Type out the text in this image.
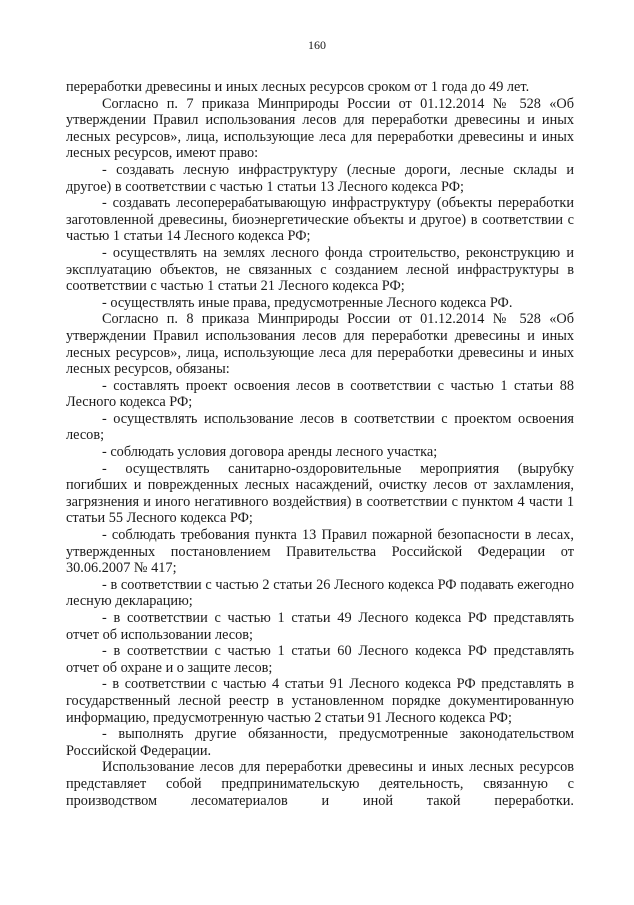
160

переработки древесины и иных лесных ресурсов сроком от 1 года до 49 лет.

Согласно п. 7 приказа Минприроды России от 01.12.2014 № 528 «Об утверждении Правил использования лесов для переработки древесины и иных лесных ресурсов», лица, использующие леса для переработки древесины и иных лесных ресурсов, имеют право:

- создавать лесную инфраструктуру (лесные дороги, лесные склады и другое) в соответствии с частью 1 статьи 13 Лесного кодекса РФ;

- создавать лесоперерабатывающую инфраструктуру (объекты переработки заготовленной древесины, биоэнергетические объекты и другое) в соответствии с частью 1 статьи 14 Лесного кодекса РФ;

- осуществлять на землях лесного фонда строительство, реконструкцию и эксплуатацию объектов, не связанных с созданием лесной инфраструктуры в соответствии с частью 1 статьи 21 Лесного кодекса РФ;

- осуществлять иные права, предусмотренные Лесного кодекса РФ.

Согласно п. 8 приказа Минприроды России от 01.12.2014 № 528 «Об утверждении Правил использования лесов для переработки древесины и иных лесных ресурсов», лица, использующие леса для переработки древесины и иных лесных ресурсов, обязаны:

- составлять проект освоения лесов в соответствии с частью 1 статьи 88 Лесного кодекса РФ;

- осуществлять использование лесов в соответствии с проектом освоения лесов;

- соблюдать условия договора аренды лесного участка;

- осуществлять санитарно-оздоровительные мероприятия (вырубку погибших и поврежденных лесных насаждений, очистку лесов от захламления, загрязнения и иного негативного воздействия) в соответствии с пунктом 4 части 1 статьи 55 Лесного кодекса РФ;

- соблюдать требования пункта 13 Правил пожарной безопасности в лесах, утвержденных постановлением Правительства Российской Федерации от 30.06.2007 № 417;

- в соответствии с частью 2 статьи 26 Лесного кодекса РФ подавать ежегодно лесную декларацию;

- в соответствии с частью 1 статьи 49 Лесного кодекса РФ представлять отчет об использовании лесов;

- в соответствии с частью 1 статьи 60 Лесного кодекса РФ представлять отчет об охране и о защите лесов;

- в соответствии с частью 4 статьи 91 Лесного кодекса РФ представлять в государственный лесной реестр в установленном порядке документированную информацию, предусмотренную частью 2 статьи 91 Лесного кодекса РФ;

- выполнять другие обязанности, предусмотренные законодательством Российской Федерации.

Использование лесов для переработки древесины и иных лесных ресурсов представляет собой предпринимательскую деятельность, связанную с производством лесоматериалов и иной такой переработки.
